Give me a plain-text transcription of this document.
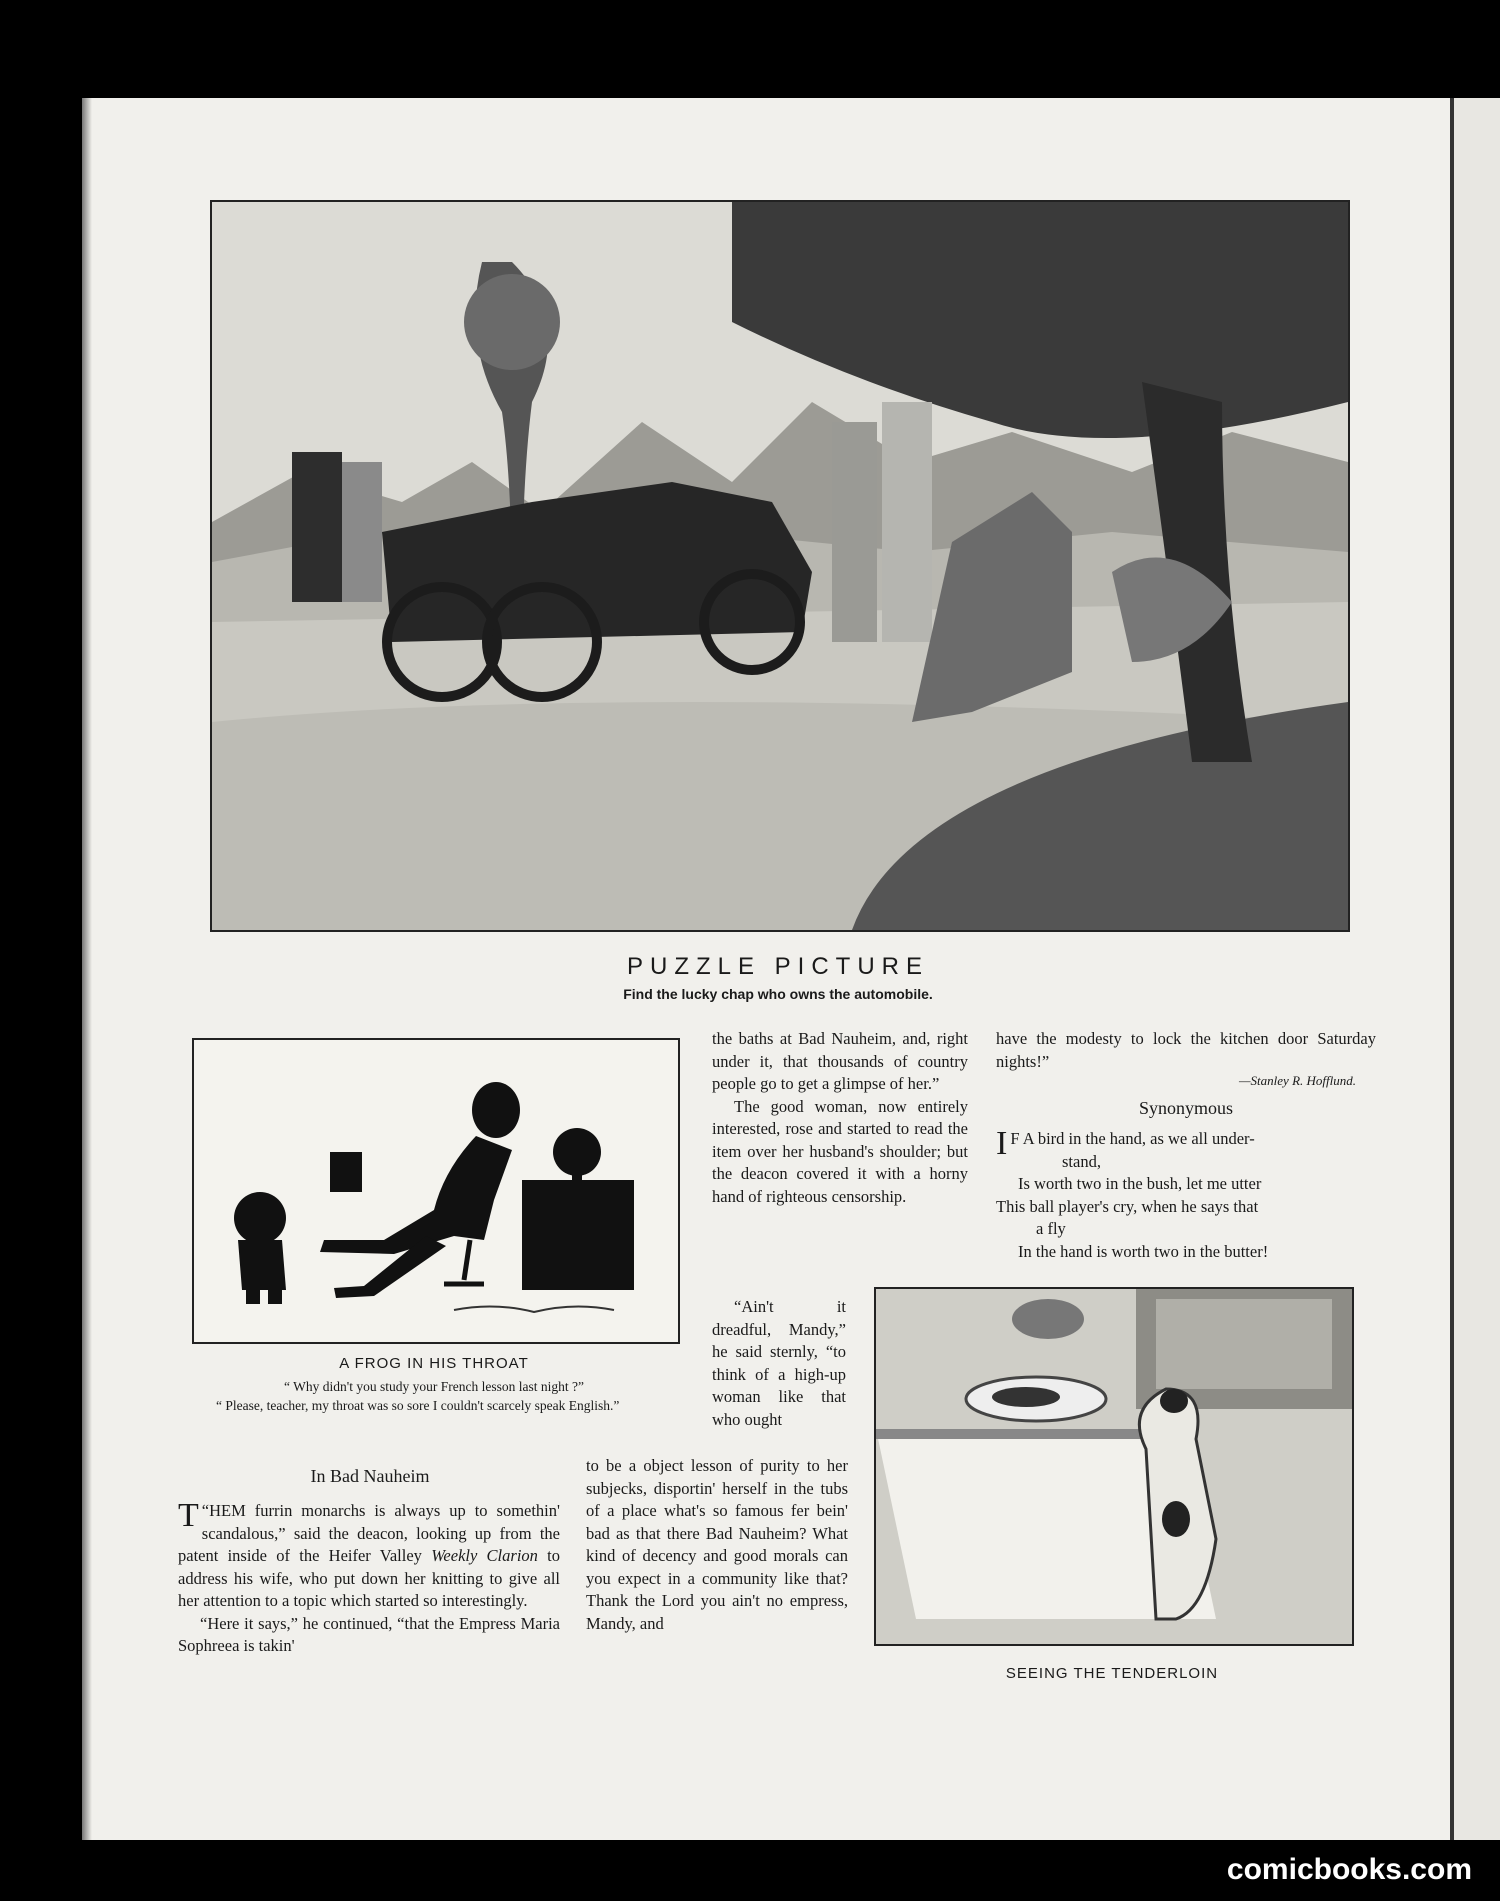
PUZZLE PICTURE
Find the lucky chap who owns the automobile.
A FROG IN HIS THROAT
“ Why didn't you study your French lesson last night ?”
“ Please, teacher, my throat was so sore I couldn't scarcely speak English.”
In Bad Nauheim

“
T HEM furrin monarchs is always up to somethin' scandalous,” said the deacon, looking up from the patent inside of the Heifer Valley Weekly Clarion to address his wife, who put down her knitting to give all her attention to a topic which started so interestingly.

“Here it says,” he continued, “that the Empress Maria Sophreea is takin'

the baths at Bad Nauheim, and, right under it, that thousands of country people go to get a glimpse of her.”

The good woman, now entirely interested, rose and started to read the item over her husband's shoulder; but the deacon covered it with a horny hand of righteous censorship.

“Ain't it dreadful, Mandy,” he said sternly, “to think of a high-up woman like that who ought

to be a object lesson of purity to her subjecks, disportin' herself in the tubs of a place what's so famous fer bein' bad as that there Bad Nauheim? What kind of decency and good morals can you expect in a community like that? Thank the Lord you ain't no empress, Mandy, and

have the modesty to lock the kitchen door Saturday nights!”

—Stanley R. Hofflund.
Synonymous
I F A bird in the hand, as we all under-
stand,
Is worth two in the bush, let me utter
This ball player's cry, when he says that
a fly
In the hand is worth two in the butter!
SEEING THE TENDERLOIN
comicbooks.com
